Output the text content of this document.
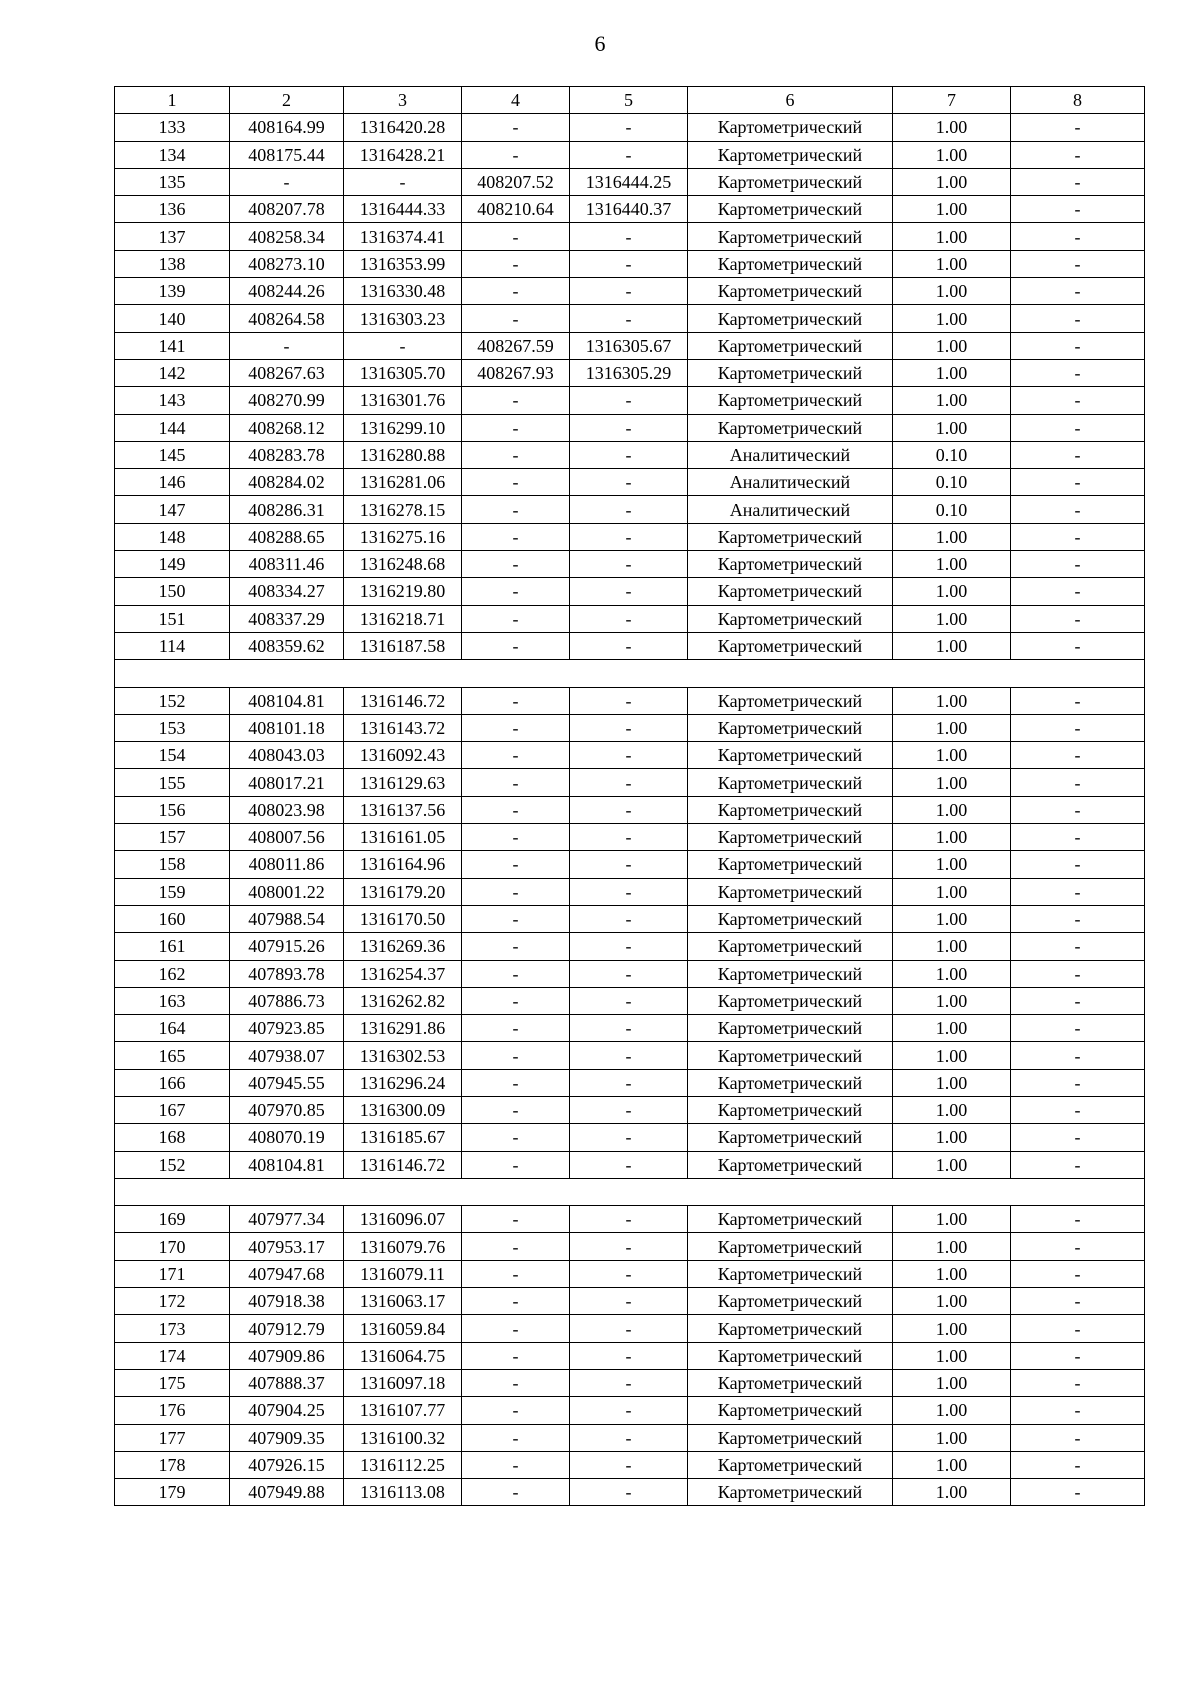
6
1	2	3	4	5	6	7	8
133	408164.99	1316420.28	-	-	Картометрический	1.00	-
134	408175.44	1316428.21	-	-	Картометрический	1.00	-
135	-	-	408207.52	1316444.25	Картометрический	1.00	-
136	408207.78	1316444.33	408210.64	1316440.37	Картометрический	1.00	-
137	408258.34	1316374.41	-	-	Картометрический	1.00	-
138	408273.10	1316353.99	-	-	Картометрический	1.00	-
139	408244.26	1316330.48	-	-	Картометрический	1.00	-
140	408264.58	1316303.23	-	-	Картометрический	1.00	-
141	-	-	408267.59	1316305.67	Картометрический	1.00	-
142	408267.63	1316305.70	408267.93	1316305.29	Картометрический	1.00	-
143	408270.99	1316301.76	-	-	Картометрический	1.00	-
144	408268.12	1316299.10	-	-	Картометрический	1.00	-
145	408283.78	1316280.88	-	-	Аналитический	0.10	-
146	408284.02	1316281.06	-	-	Аналитический	0.10	-
147	408286.31	1316278.15	-	-	Аналитический	0.10	-
148	408288.65	1316275.16	-	-	Картометрический	1.00	-
149	408311.46	1316248.68	-	-	Картометрический	1.00	-
150	408334.27	1316219.80	-	-	Картометрический	1.00	-
151	408337.29	1316218.71	-	-	Картометрический	1.00	-
114	408359.62	1316187.58	-	-	Картометрический	1.00	-

152	408104.81	1316146.72	-	-	Картометрический	1.00	-
153	408101.18	1316143.72	-	-	Картометрический	1.00	-
154	408043.03	1316092.43	-	-	Картометрический	1.00	-
155	408017.21	1316129.63	-	-	Картометрический	1.00	-
156	408023.98	1316137.56	-	-	Картометрический	1.00	-
157	408007.56	1316161.05	-	-	Картометрический	1.00	-
158	408011.86	1316164.96	-	-	Картометрический	1.00	-
159	408001.22	1316179.20	-	-	Картометрический	1.00	-
160	407988.54	1316170.50	-	-	Картометрический	1.00	-
161	407915.26	1316269.36	-	-	Картометрический	1.00	-
162	407893.78	1316254.37	-	-	Картометрический	1.00	-
163	407886.73	1316262.82	-	-	Картометрический	1.00	-
164	407923.85	1316291.86	-	-	Картометрический	1.00	-
165	407938.07	1316302.53	-	-	Картометрический	1.00	-
166	407945.55	1316296.24	-	-	Картометрический	1.00	-
167	407970.85	1316300.09	-	-	Картометрический	1.00	-
168	408070.19	1316185.67	-	-	Картометрический	1.00	-
152	408104.81	1316146.72	-	-	Картометрический	1.00	-

169	407977.34	1316096.07	-	-	Картометрический	1.00	-
170	407953.17	1316079.76	-	-	Картометрический	1.00	-
171	407947.68	1316079.11	-	-	Картометрический	1.00	-
172	407918.38	1316063.17	-	-	Картометрический	1.00	-
173	407912.79	1316059.84	-	-	Картометрический	1.00	-
174	407909.86	1316064.75	-	-	Картометрический	1.00	-
175	407888.37	1316097.18	-	-	Картометрический	1.00	-
176	407904.25	1316107.77	-	-	Картометрический	1.00	-
177	407909.35	1316100.32	-	-	Картометрический	1.00	-
178	407926.15	1316112.25	-	-	Картометрический	1.00	-
179	407949.88	1316113.08	-	-	Картометрический	1.00	-
